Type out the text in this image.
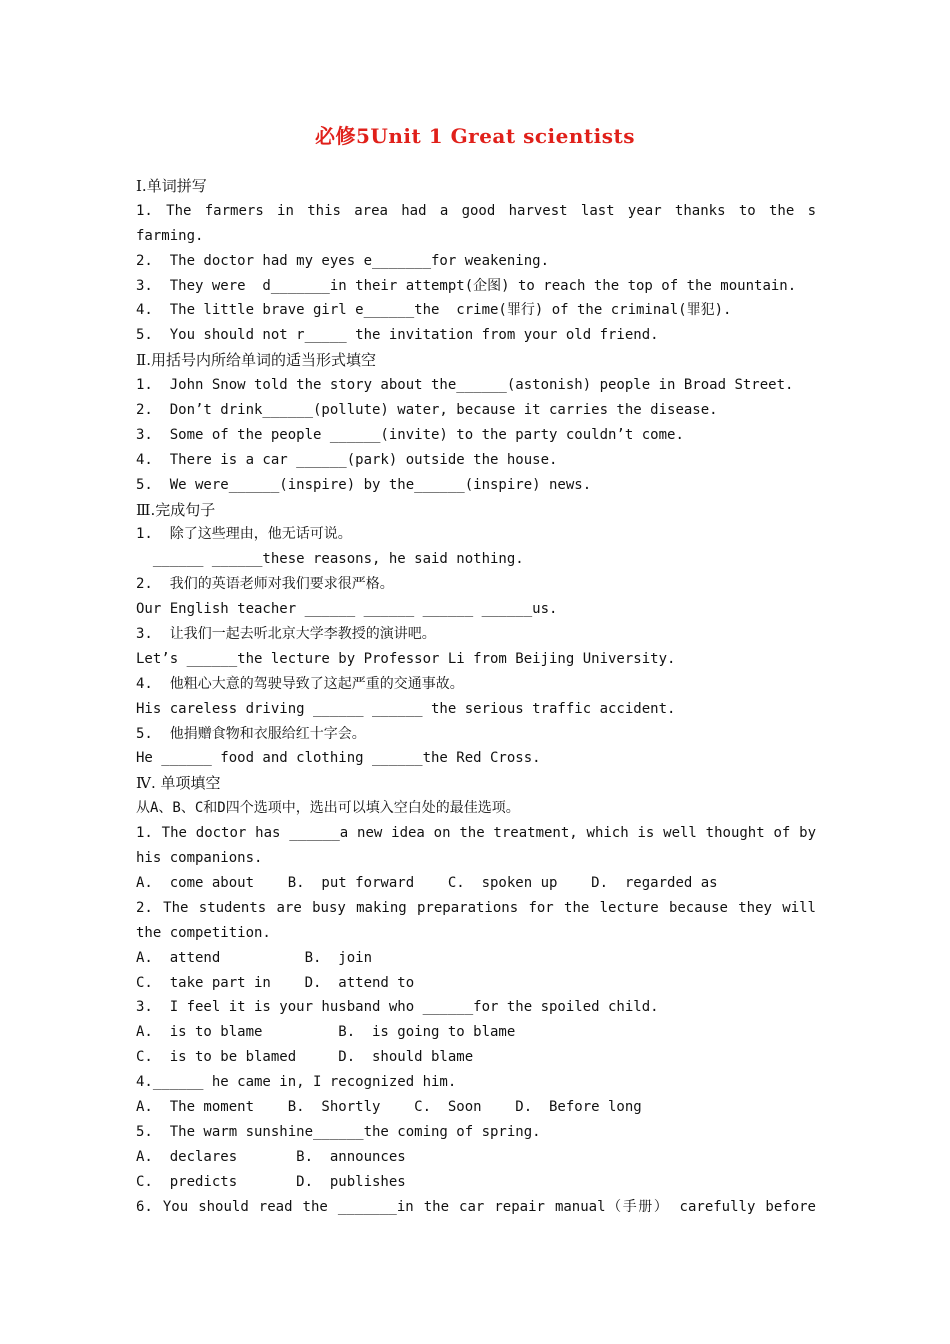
必修5Unit 1 Great scientists
I.单词拼写
1. The farmers in this area had a good harvest last year thanks to the s
farming.
2.  The doctor had my eyes e_______for weakening.
3.  They were  d_______in their attempt(企图) to reach the top of the mountain.
4.  The little brave girl e______the  crime(罪行) of the criminal(罪犯).
5.  You should not r_____ the invitation from your old friend.
Ⅱ.用括号内所给单词的适当形式填空
1.  John Snow told the story about the______(astonish) people in Broad Street.
2.  Don’t drink______(pollute) water, because it carries the disease.
3.  Some of the people ______(invite) to the party couldn’t come.
4.  There is a car ______(park) outside the house.
5.  We were______(inspire) by the______(inspire) news.
Ⅲ.完成句子
1.  除了这些理由，他无话可说。
______ ______these reasons, he said nothing.
2.  我们的英语老师对我们要求很严格。
Our English teacher ______ ______ ______ ______us.
3.  让我们一起去听北京大学李教授的演讲吧。
Let’s ______the lecture by Professor Li from Beijing University.
4.  他粗心大意的驾驶导致了这起严重的交通事故。
His careless driving ______ ______ the serious traffic accident.
5.  他捐赠食物和衣服给红十字会。
He ______ food and clothing ______the Red Cross.
Ⅳ. 单项填空
从A、B、C和D四个选项中，选出可以填入空白处的最佳选项。
1. The doctor has ______a new idea on the treatment, which is well thought of by
his companions.
A.  come about    B.  put forward    C.  spoken up    D.  regarded as
2. The students are busy making preparations for the lecture because they will
the competition.
A.  attend          B.  join
C.  take part in    D.  attend to
3.  I feel it is your husband who ______for the spoiled child.
A.  is to blame         B.  is going to blame
C.  is to be blamed     D.  should blame
4.______ he came in, I recognized him.
A.  The moment    B.  Shortly    C.  Soon    D.  Before long
5.  The warm sunshine______the coming of spring.
A.  declares       B.  announces
C.  predicts       D.  publishes
6. You should read the _______in the car repair manual（手册） carefully before
